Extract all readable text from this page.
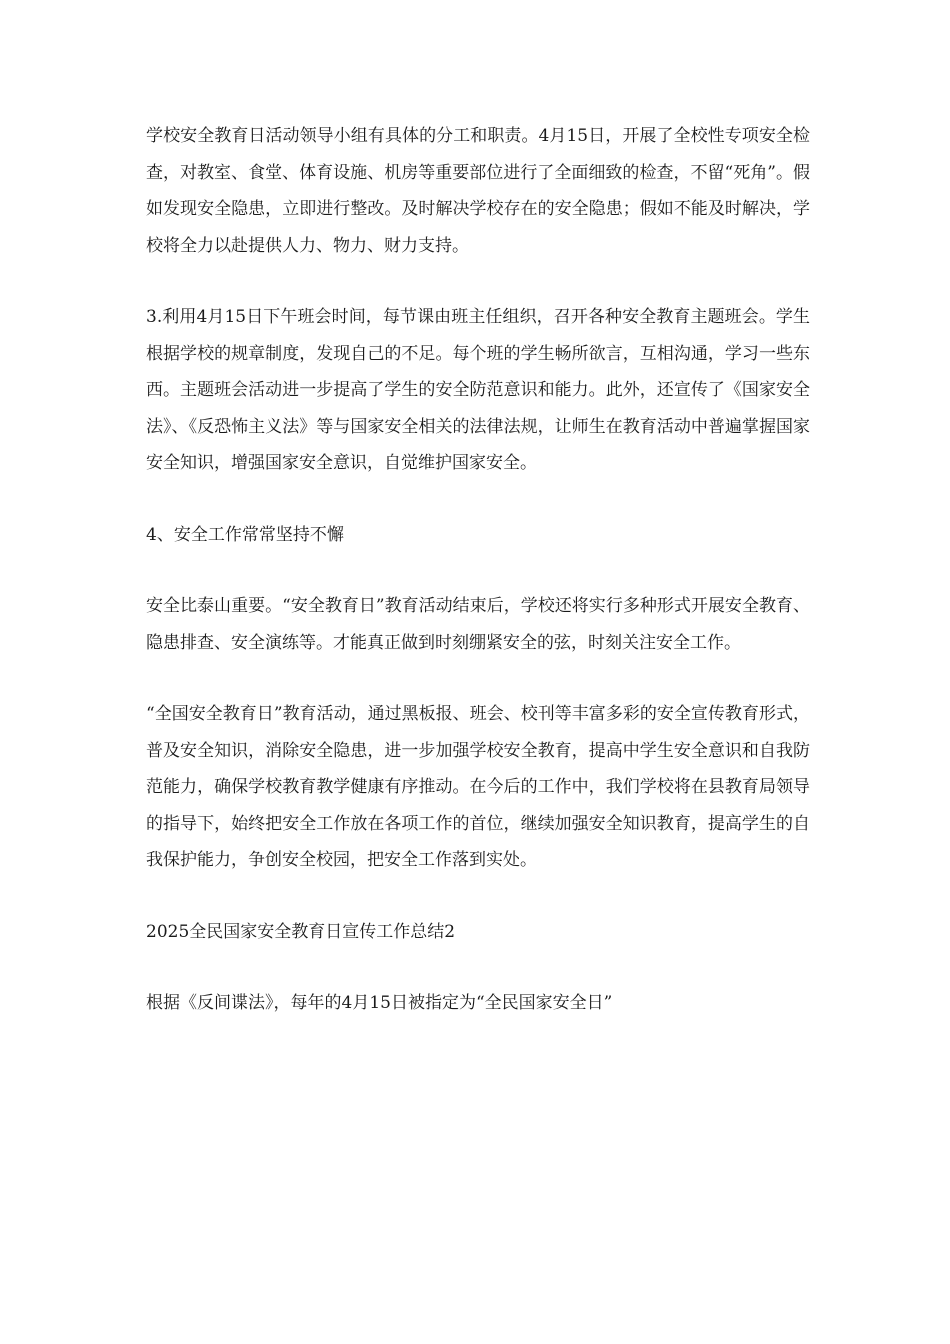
学校安全教育日活动领导小组有具体的分工和职责。4月15日，开展了全校性专项安全检查，对教室、食堂、体育设施、机房等重要部位进行了全面细致的检查，不留“死角”。假如发现安全隐患，立即进行整改。及时解决学校存在的安全隐患；假如不能及时解决，学校将全力以赴提供人力、物力、财力支持。

3.利用4月15日下午班会时间，每节课由班主任组织，召开各种安全教育主题班会。学生根据学校的规章制度，发现自己的不足。每个班的学生畅所欲言，互相沟通，学习一些东西。主题班会活动进一步提高了学生的安全防范意识和能力。此外，还宣传了《国家安全法》、《反恐怖主义法》等与国家安全相关的法律法规，让师生在教育活动中普遍掌握国家安全知识，增强国家安全意识，自觉维护国家安全。

4、安全工作常常坚持不懈

安全比泰山重要。“安全教育日”教育活动结束后，学校还将实行多种形式开展安全教育、隐患排查、安全演练等。才能真正做到时刻绷紧安全的弦，时刻关注安全工作。

“全国安全教育日”教育活动，通过黑板报、班会、校刊等丰富多彩的安全宣传教育形式，普及安全知识，消除安全隐患，进一步加强学校安全教育，提高中学生安全意识和自我防范能力，确保学校教育教学健康有序推动。在今后的工作中，我们学校将在县教育局领导的指导下，始终把安全工作放在各项工作的首位，继续加强安全知识教育，提高学生的自我保护能力，争创安全校园，把安全工作落到实处。

2025全民国家安全教育日宣传工作总结2

根据《反间谍法》，每年的4月15日被指定为“全民国家安全日”
